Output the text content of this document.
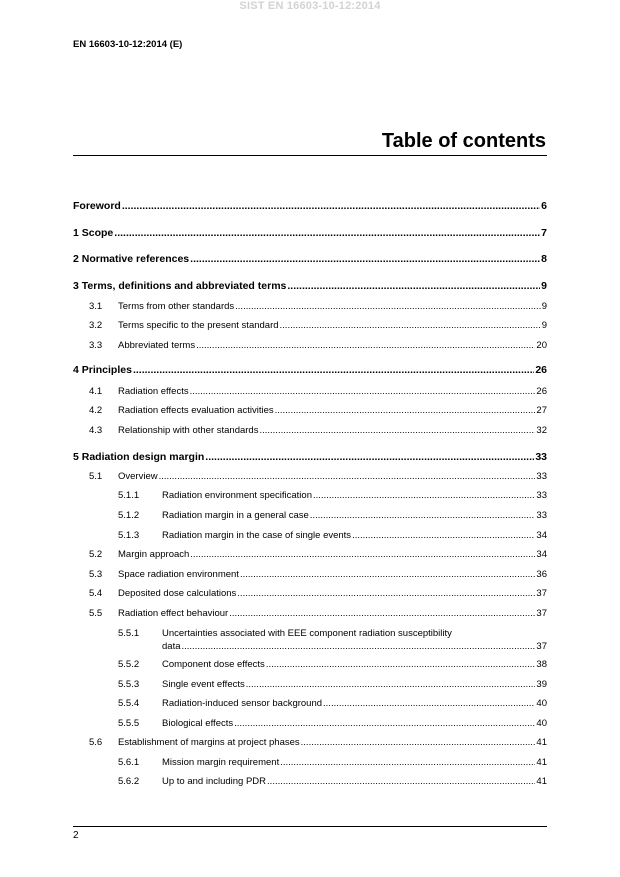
SIST EN 16603-10-12:2014
EN 16603-10-12:2014 (E)
Table of contents
Foreword .....	6
1 Scope .....	7
2 Normative references .....	8
3 Terms, definitions and abbreviated terms .....	9
3.1	Terms from other standards .....	9
3.2	Terms specific to the present standard .....	9
3.3	Abbreviated terms .....	20
4 Principles .....	26
4.1	Radiation effects .....	26
4.2	Radiation effects evaluation activities .....	27
4.3	Relationship with other standards .....	32
5 Radiation design margin .....	33
5.1	Overview .....	33
5.1.1	Radiation environment specification .....	33
5.1.2	Radiation margin in a general case .....	33
5.1.3	Radiation margin in the case of single events .....	34
5.2	Margin approach .....	34
5.3	Space radiation environment .....	36
5.4	Deposited dose calculations .....	37
5.5	Radiation effect behaviour .....	37
5.5.1	Uncertainties associated with EEE component radiation susceptibility
data .....	37
5.5.2	Component dose effects .....	38
5.5.3	Single event effects .....	39
5.5.4	Radiation-induced sensor background .....	40
5.5.5	Biological effects .....	40
5.6	Establishment of margins at project phases .....	41
5.6.1	Mission margin requirement .....	41
5.6.2	Up to and including PDR .....	41
2
